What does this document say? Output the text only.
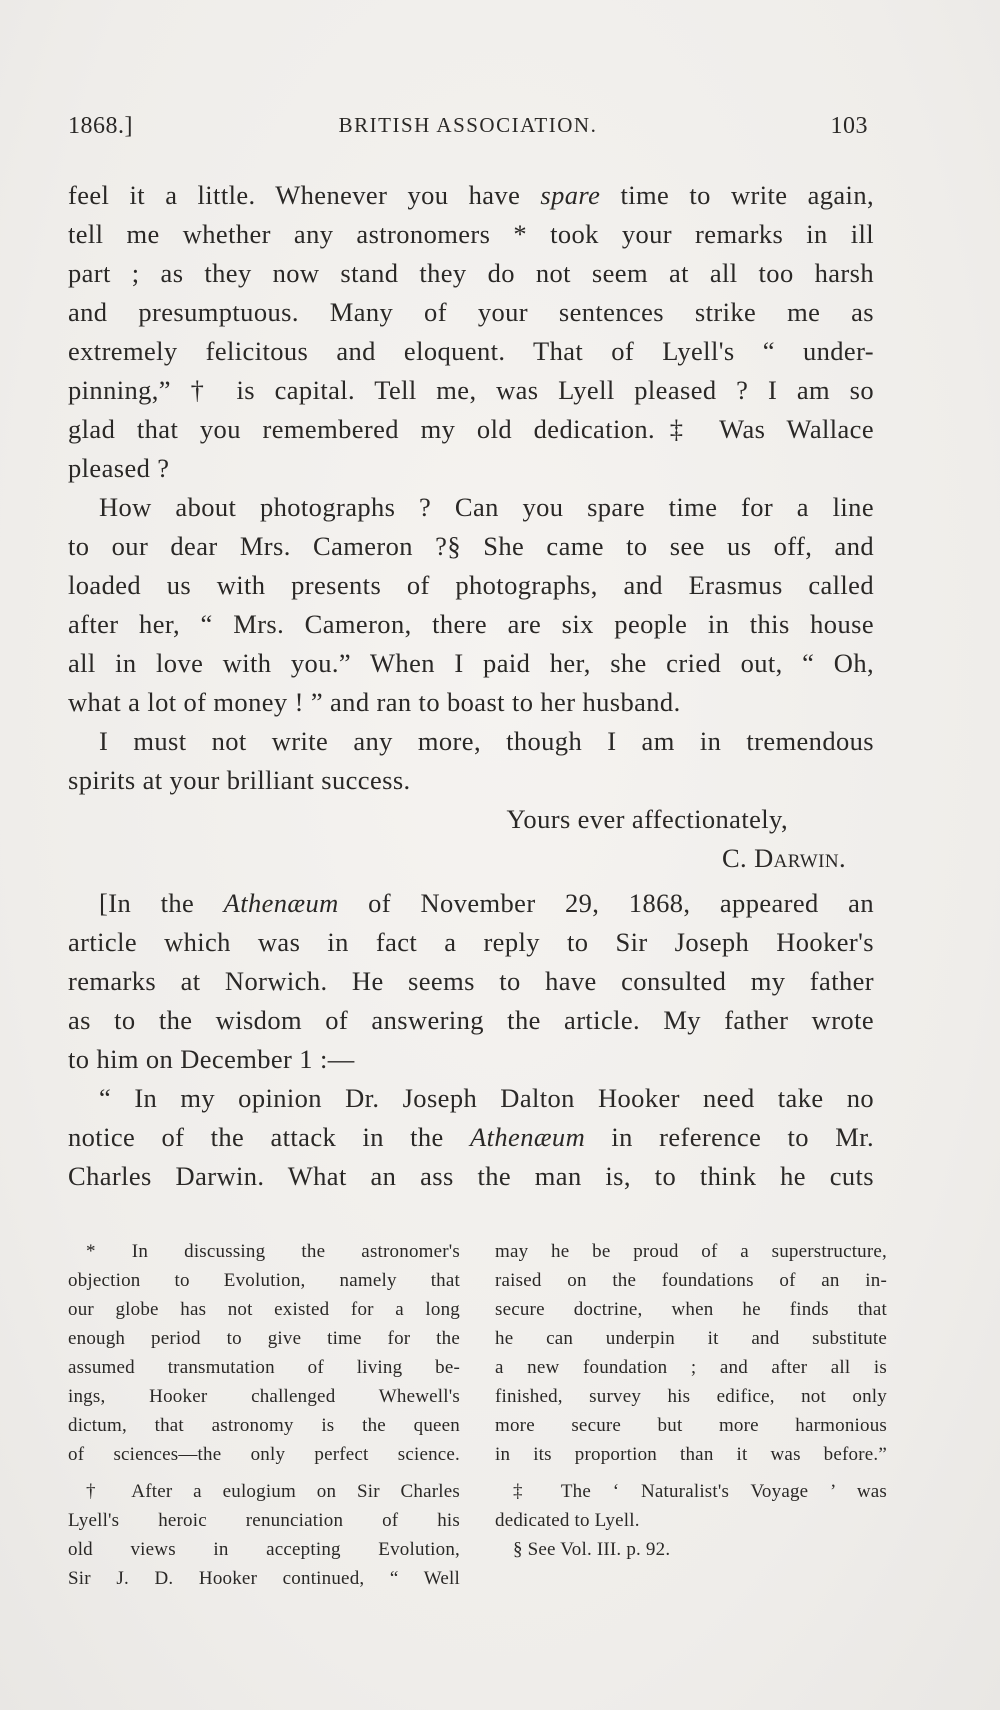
1868.]	BRITISH ASSOCIATION.	103
feel it a little. Whenever you have spare time to write again,
tell me whether any astronomers * took your remarks in ill
part ; as they now stand they do not seem at all too harsh
and presumptuous. Many of your sentences strike me as
extremely felicitous and eloquent. That of Lyell's “ under-
pinning,” † is capital. Tell me, was Lyell pleased ? I am so
glad that you remembered my old dedication.‡ Was Wallace
pleased ?
How about photographs ? Can you spare time for a line
to our dear Mrs. Cameron ?§ She came to see us off, and
loaded us with presents of photographs, and Erasmus called
after her, “ Mrs. Cameron, there are six people in this house
all in love with you.” When I paid her, she cried out, “ Oh,
what a lot of money ! ” and ran to boast to her husband.
I must not write any more, though I am in tremendous
spirits at your brilliant success.
Yours ever affectionately,
C. Darwin.
[In the Athenæum of November 29, 1868, appeared an
article which was in fact a reply to Sir Joseph Hooker's
remarks at Norwich. He seems to have consulted my father
as to the wisdom of answering the article. My father wrote
to him on December 1 :—
“ In my opinion Dr. Joseph Dalton Hooker need take no
notice of the attack in the Athenæum in reference to Mr.
Charles Darwin. What an ass the man is, to think he cuts
* In discussing the astronomer's
objection to Evolution, namely that
our globe has not existed for a long
enough period to give time for the
assumed transmutation of living be-
ings, Hooker challenged Whewell's
dictum, that astronomy is the queen
of sciences—the only perfect science.
† After a eulogium on Sir Charles
Lyell's heroic renunciation of his
old views in accepting Evolution,
Sir J. D. Hooker continued, “ Well
may he be proud of a superstructure,
raised on the foundations of an in-
secure doctrine, when he finds that
he can underpin it and substitute
a new foundation ; and after all is
finished, survey his edifice, not only
more secure but more harmonious
in its proportion than it was before.”
‡ The ‘ Naturalist's Voyage ’ was
dedicated to Lyell.
§ See Vol. III. p. 92.
